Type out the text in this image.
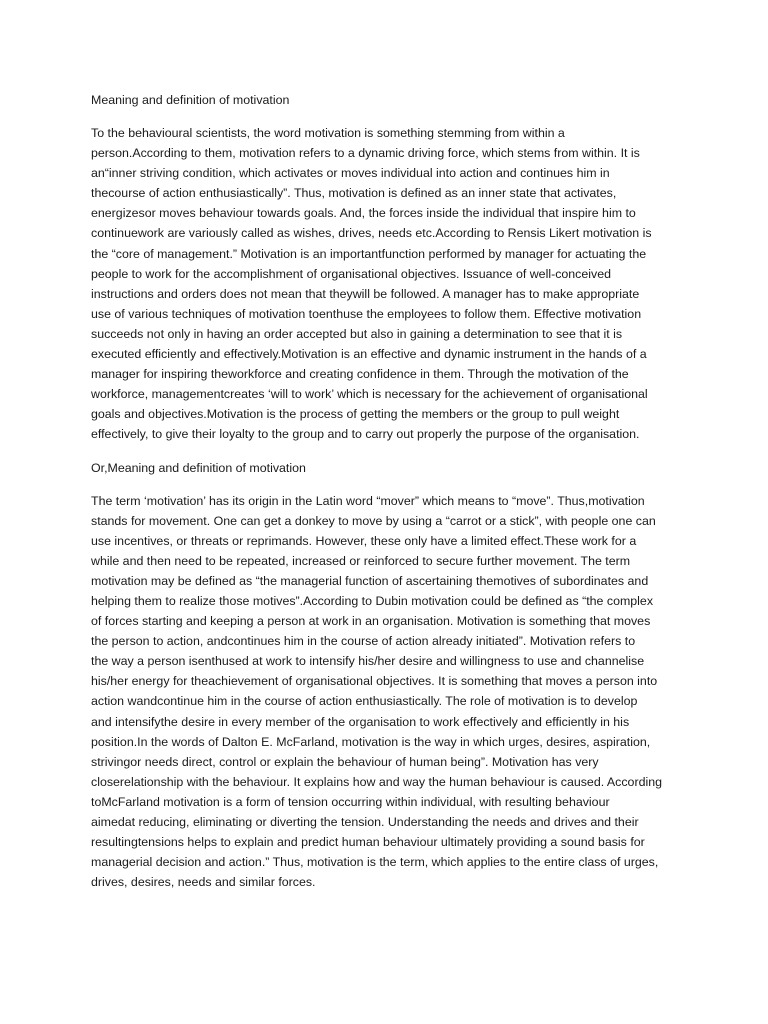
Meaning and definition of motivation
To the behavioural scientists, the word motivation is something stemming from within a
person.According to them, motivation refers to a dynamic driving force, which stems from within. It is
an“inner striving condition, which activates or moves individual into action and continues him in
thecourse of action enthusiastically”. Thus, motivation is defined as an inner state that activates,
energizesor moves behaviour towards goals. And, the forces inside the individual that inspire him to
continuework are variously called as wishes, drives, needs etc.According to Rensis Likert motivation is
the “core of management.” Motivation is an importantfunction performed by manager for actuating the
people to work for the accomplishment of organisational objectives. Issuance of well-conceived
instructions and orders does not mean that theywill be followed. A manager has to make appropriate
use of various techniques of motivation toenthuse the employees to follow them. Effective motivation
succeeds not only in having an order accepted but also in gaining a determination to see that it is
executed efficiently and effectively.Motivation is an effective and dynamic instrument in the hands of a
manager for inspiring theworkforce and creating confidence in them. Through the motivation of the
workforce, managementcreates ‘will to work’ which is necessary for the achievement of organisational
goals and objectives.Motivation is the process of getting the members or the group to pull weight
effectively, to give their loyalty to the group and to carry out properly the purpose of the organisation.
Or,Meaning and definition of motivation
The term ‘motivation’ has its origin in the Latin word “mover” which means to “move”. Thus,motivation
stands for movement. One can get a donkey to move by using a “carrot or a stick”, with people one can
use incentives, or threats or reprimands. However, these only have a limited effect.These work for a
while and then need to be repeated, increased or reinforced to secure further movement. The term
motivation may be defined as “the managerial function of ascertaining themotives of subordinates and
helping them to realize those motives”.According to Dubin motivation could be defined as “the complex
of forces starting and keeping a person at work in an organisation. Motivation is something that moves
the person to action, andcontinues him in the course of action already initiated”. Motivation refers to
the way a person isenthused at work to intensify his/her desire and willingness to use and channelise
his/her energy for theachievement of organisational objectives. It is something that moves a person into
action wandcontinue him in the course of action enthusiastically. The role of motivation is to develop
and intensifythe desire in every member of the organisation to work effectively and efficiently in his
position.In the words of Dalton E. McFarland, motivation is the way in which urges, desires, aspiration,
strivingor needs direct, control or explain the behaviour of human being”. Motivation has very
closerelationship with the behaviour. It explains how and way the human behaviour is caused. According
toMcFarland motivation is a form of tension occurring within individual, with resulting behaviour
aimedat reducing, eliminating or diverting the tension. Understanding the needs and drives and their
resultingtensions helps to explain and predict human behaviour ultimately providing a sound basis for
managerial decision and action.” Thus, motivation is the term, which applies to the entire class of urges,
drives, desires, needs and similar forces.
